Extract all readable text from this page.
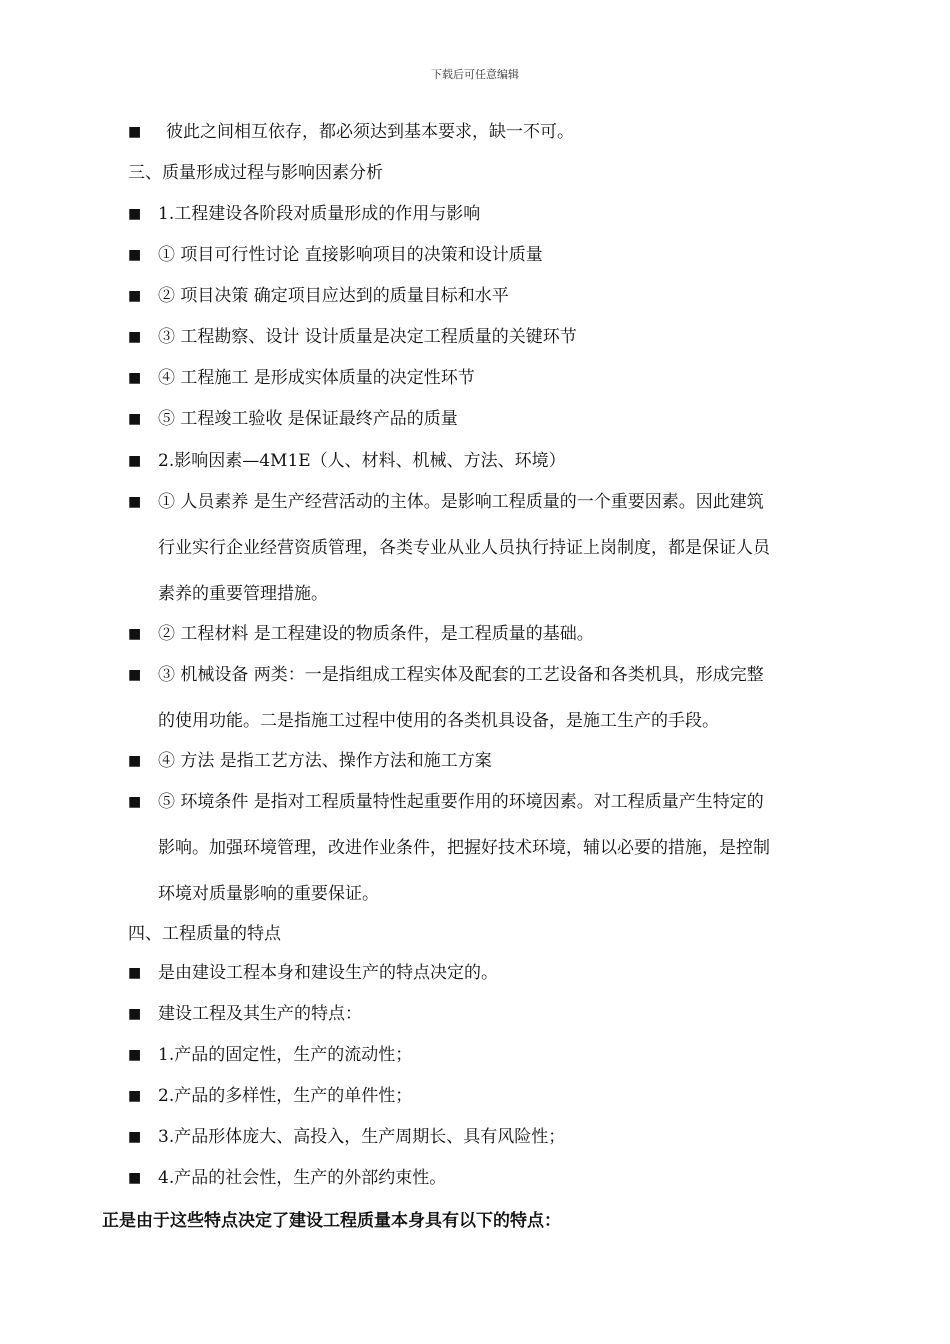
下载后可任意编辑
■
彼此之间相互依存，都必须达到基本要求，缺一不可。
三、质量形成过程与影响因素分析
■
1.工程建设各阶段对质量形成的作用与影响
■
① 项目可行性讨论 直接影响项目的决策和设计质量
■
② 项目决策 确定项目应达到的质量目标和水平
■
③ 工程勘察、设计 设计质量是决定工程质量的关键环节
■
④ 工程施工 是形成实体质量的决定性环节
■
⑤ 工程竣工验收 是保证最终产品的质量
■
2.影响因素—4M1E（人、材料、机械、方法、环境）
■
① 人员素养 是生产经营活动的主体。是影响工程质量的一个重要因素。因此建筑
行业实行企业经营资质管理，各类专业从业人员执行持证上岗制度，都是保证人员
素养的重要管理措施。
■
② 工程材料 是工程建设的物质条件，是工程质量的基础。
■
③ 机械设备 两类：一是指组成工程实体及配套的工艺设备和各类机具，形成完整
的使用功能。二是指施工过程中使用的各类机具设备，是施工生产的手段。
■
④ 方法 是指工艺方法、操作方法和施工方案
■
⑤ 环境条件 是指对工程质量特性起重要作用的环境因素。对工程质量产生特定的
影响。加强环境管理，改进作业条件，把握好技术环境，辅以必要的措施，是控制
环境对质量影响的重要保证。
四、工程质量的特点
■
是由建设工程本身和建设生产的特点决定的。
■
建设工程及其生产的特点：
■
1.产品的固定性，生产的流动性；
■
2.产品的多样性，生产的单件性；
■
3.产品形体庞大、高投入，生产周期长、具有风险性；
■
4.产品的社会性，生产的外部约束性。
正是由于这些特点决定了建设工程质量本身具有以下的特点：
